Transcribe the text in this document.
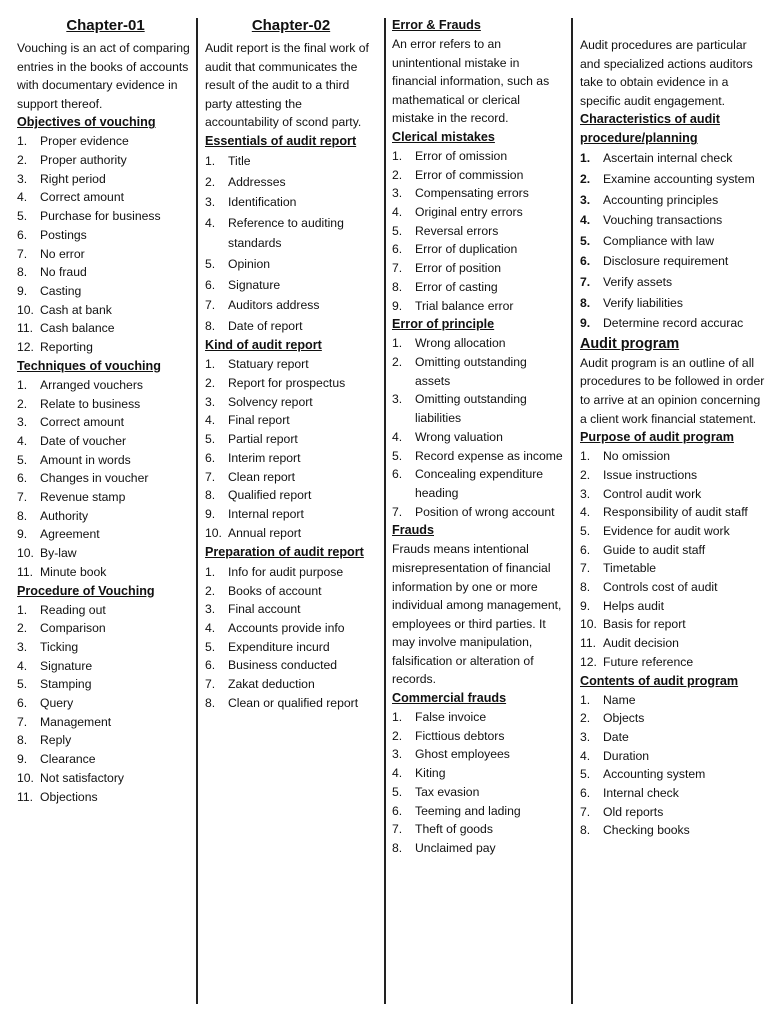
Chapter-01
Vouching is an act of comparing entries in the books of accounts with documentary evidence in support thereof.
Objectives of vouching
1.	Proper evidence
2.	Proper authority
3.	Right period
4.	Correct amount
5.	Purchase for business
6.	Postings
7.	No error
8.	No fraud
9.	Casting
10. Cash at bank
11. Cash balance
12. Reporting
Techniques of vouching
1.	Arranged vouchers
2.	Relate to business
3.	Correct amount
4.	Date of voucher
5.	Amount in words
6.	Changes in voucher
7.	Revenue stamp
8.	Authority
9.	Agreement
10. By-law
11. Minute book
Procedure of Vouching
1.	Reading out
2.	Comparison
3.	Ticking
4.	Signature
5.	Stamping
6.	Query
7.	Management
8.	Reply
9.	Clearance
10. Not satisfactory
11. Objections
Chapter-02
Audit report is the final work of audit that communicates the result of the audit to a third party attesting the accountability of scond party.
Essentials of audit report
1.	Title
2.	Addresses
3.	Identification
4.	Reference to auditing standards
5.	Opinion
6.	Signature
7.	Auditors address
8.	Date of report
Kind of audit report
1.	Statuary report
2.	Report for prospectus
3.	Solvency report
4.	Final report
5.	Partial report
6.	Interim report
7.	Clean report
8.	Qualified report
9.	Internal report
10. Annual report
Preparation of audit report
1.	Info for audit purpose
2.	Books of account
3.	Final account
4.	Accounts provide info
5.	Expenditure incurd
6.	Business conducted
7.	Zakat deduction
8.	Clean or qualified report
Error & Frauds
An error refers to an unintentional mistake in financial information, such as mathematical or clerical mistake in the record.
Clerical mistakes
1.	Error of omission
2.	Error of commission
3.	Compensating errors
4.	Original entry errors
5.	Reversal errors
6.	Error of duplication
7.	Error of position
8.	Error of casting
9.	Trial balance error
Error of principle
1.	Wrong allocation
2.	Omitting outstanding assets
3.	Omitting outstanding liabilities
4.	Wrong valuation
5.	Record expense as income
6.	Concealing expenditure heading
7.	Position of wrong account
Frauds
Frauds means intentional misrepresentation of financial information by one or more individual among management, employees or third parties. It may involve manipulation, falsification or alteration of records.
Commercial frauds
1.	False invoice
2.	Ficttious debtors
3.	Ghost employees
4.	Kiting
5.	Tax evasion
6.	Teeming and lading
7.	Theft of goods
8.	Unclaimed pay
Audit procedures are particular and specialized actions auditors take to obtain evidence in a specific audit engagement.
Characteristics of audit procedure/planning
1.	Ascertain internal check
2.	Examine accounting system
3.	Accounting principles
4.	Vouching transactions
5.	Compliance with law
6.	Disclosure requirement
7.	Verify assets
8.	Verify liabilities
9.	Determine record accurac
Audit program
Audit program is an outline of all procedures to be followed in order to arrive at an opinion concerning a client work financial statement.
Purpose of audit program
1.	No omission
2.	Issue instructions
3.	Control audit work
4.	Responsibility of audit staff
5.	Evidence for audit work
6.	Guide to audit staff
7.	Timetable
8.	Controls cost of audit
9.	Helps audit
10. Basis for report
11. Audit decision
12. Future reference
Contents of audit program
1.	Name
2.	Objects
3.	Date
4.	Duration
5.	Accounting system
6.	Internal check
7.	Old reports
8.	Checking books
